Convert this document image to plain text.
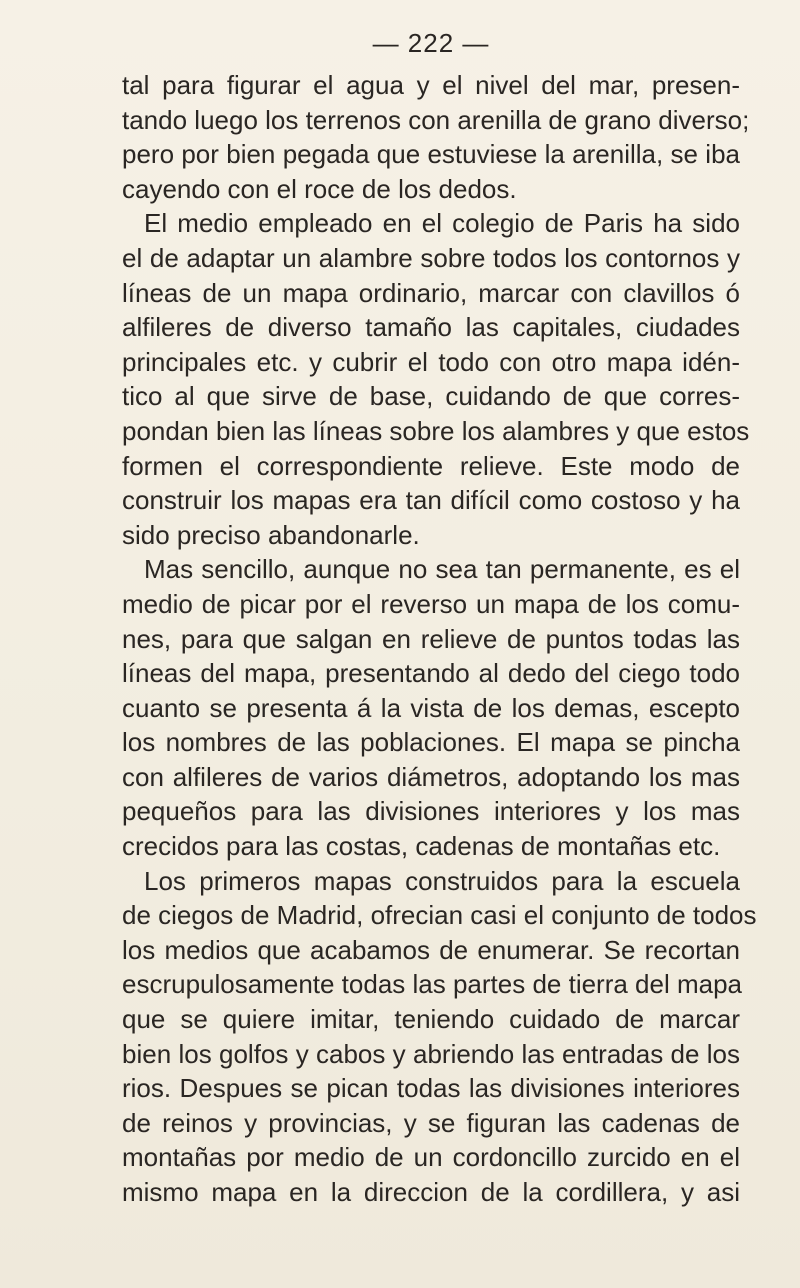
— 222 —

tal para figurar el agua y el nivel del mar, presen-
tando luego los terrenos con arenilla de grano diverso;
pero por bien pegada que estuviese la arenilla, se iba
cayendo con el roce de los dedos.

El medio empleado en el colegio de Paris ha sido
el de adaptar un alambre sobre todos los contornos y
líneas de un mapa ordinario, marcar con clavillos ó
alfileres de diverso tamaño las capitales, ciudades
principales etc. y cubrir el todo con otro mapa idén-
tico al que sirve de base, cuidando de que corres-
pondan bien las líneas sobre los alambres y que estos
formen el correspondiente relieve. Este modo de
construir los mapas era tan difícil como costoso y ha
sido preciso abandonarle.

Mas sencillo, aunque no sea tan permanente, es el
medio de picar por el reverso un mapa de los comu-
nes, para que salgan en relieve de puntos todas las
líneas del mapa, presentando al dedo del ciego todo
cuanto se presenta á la vista de los demas, escepto
los nombres de las poblaciones. El mapa se pincha
con alfileres de varios diámetros, adoptando los mas
pequeños para las divisiones interiores y los mas
crecidos para las costas, cadenas de montañas etc.

Los primeros mapas construidos para la escuela
de ciegos de Madrid, ofrecian casi el conjunto de todos
los medios que acabamos de enumerar. Se recortan
escrupulosamente todas las partes de tierra del mapa
que se quiere imitar, teniendo cuidado de marcar
bien los golfos y cabos y abriendo las entradas de los
rios. Despues se pican todas las divisiones interiores
de reinos y provincias, y se figuran las cadenas de
montañas por medio de un cordoncillo zurcido en el
mismo mapa en la direccion de la cordillera, y asi
